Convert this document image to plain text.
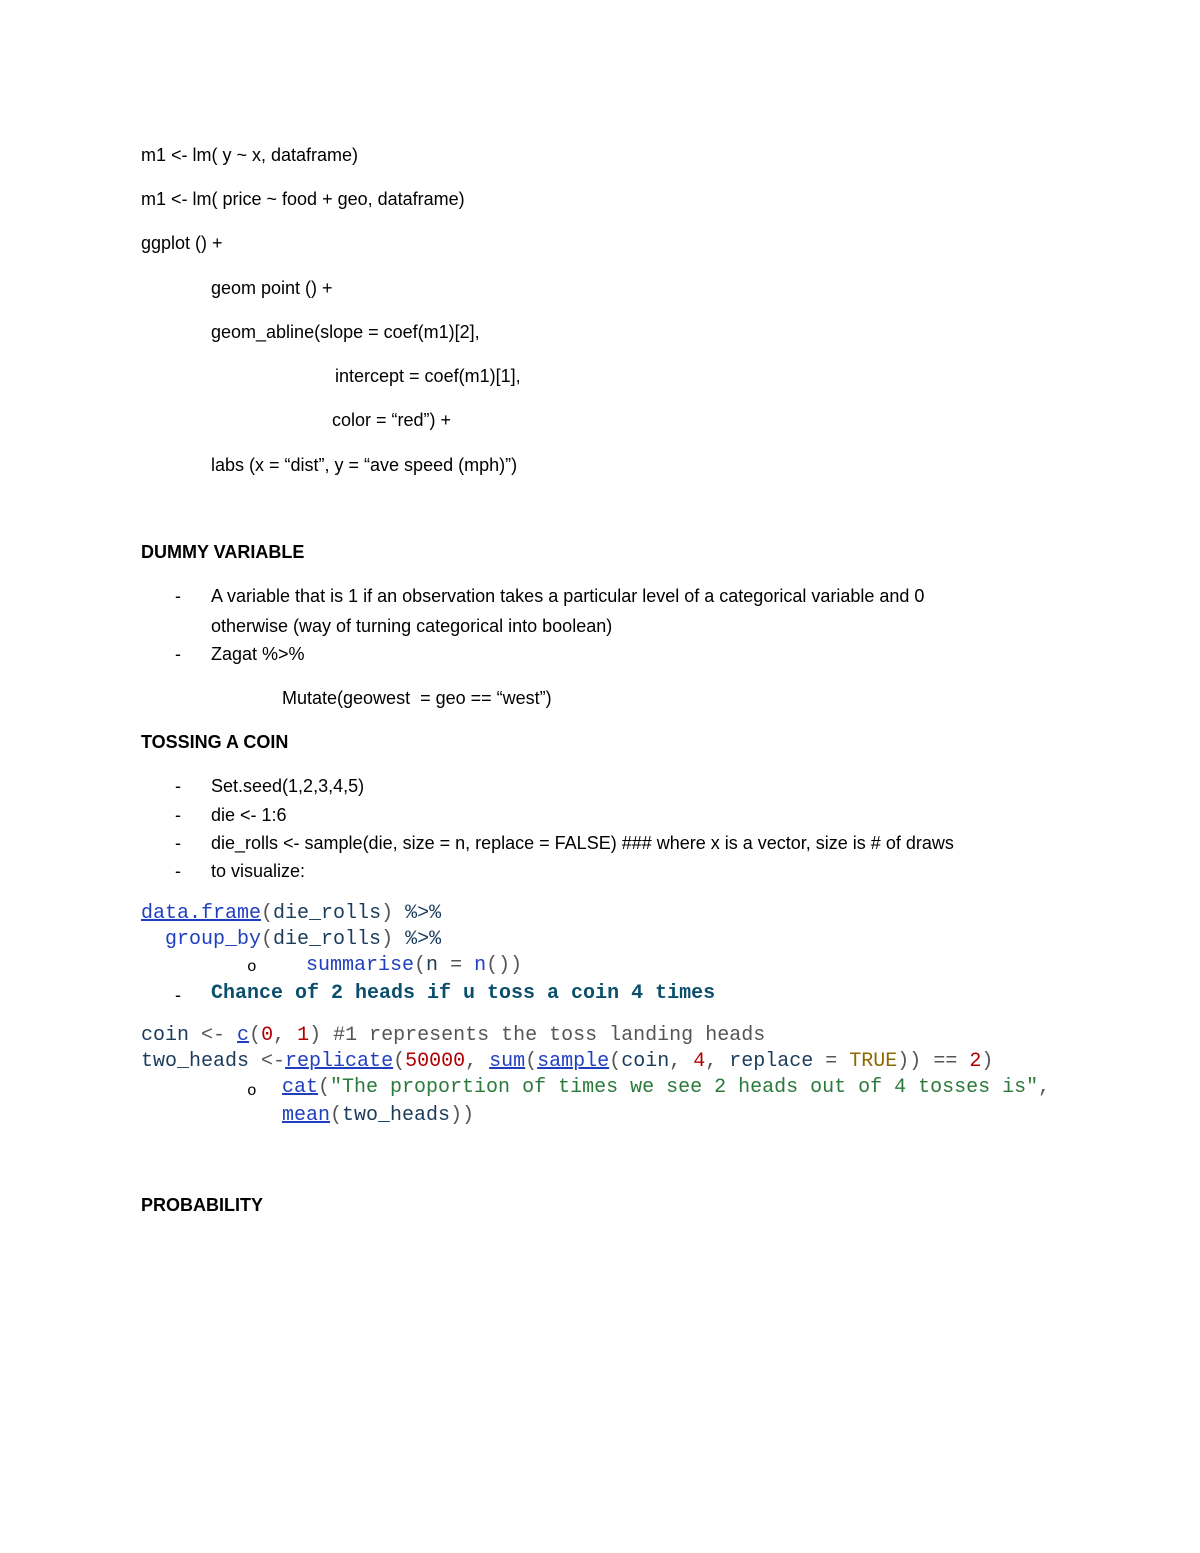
m1 <- lm( y ~ x, dataframe)
m1 <- lm( price ~ food + geo, dataframe)
ggplot () +
geom point () +
geom_abline(slope = coef(m1)[2],
intercept = coef(m1)[1],
color = “red”) +
labs (x = “dist”, y = “ave speed (mph)”)
DUMMY VARIABLE
- A variable that is 1 if an observation takes a particular level of a categorical variable and 0
otherwise (way of turning categorical into boolean)
- Zagat %>%
Mutate(geowest  = geo == “west”)
TOSSING A COIN
- Set.seed(1,2,3,4,5)
- die <- 1:6
- die_rolls <- sample(die, size = n, replace = FALSE) ### where x is a vector, size is # of draws
- to visualize:
data.frame(die_rolls) %>%
group_by(die_rolls) %>%
o summarise(n = n())
- Chance of 2 heads if u toss a coin 4 times
coin <- c(0, 1) #1 represents the toss landing heads
two_heads <-replicate(50000, sum(sample(coin, 4, replace = TRUE)) == 2)
o cat("The proportion of times we see 2 heads out of 4 tosses is",
mean(two_heads))
PROBABILITY
